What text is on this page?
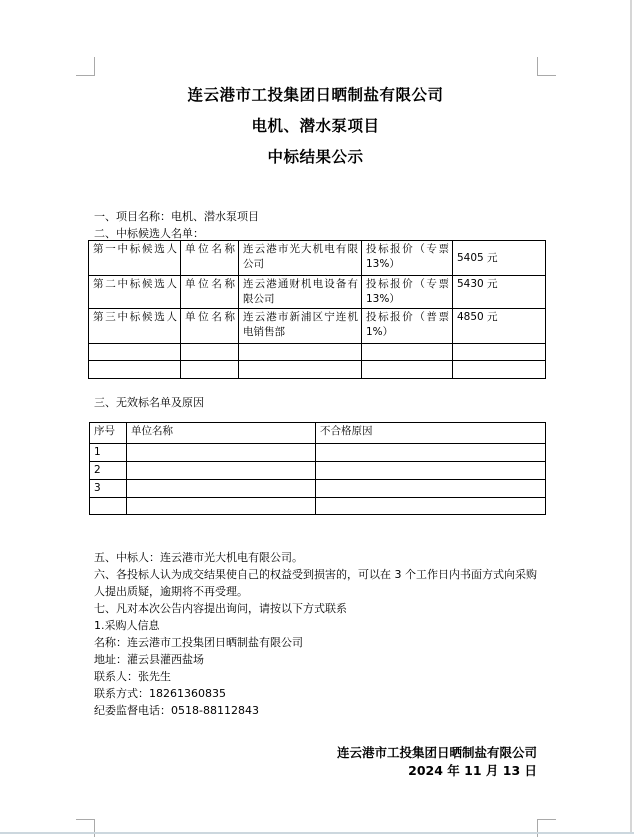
连云港市工投集团日晒制盐有限公司
电机、潜水泵项目
中标结果公示
一、项目名称：电机、潜水泵项目
二、中标候选人名单：
第一中标候选人	单位名称	连云港市光大机电有限公司	投标报价（专票13%）	5405 元
第二中标候选人	单位名称	连云港通财机电设备有限公司	投标报价（专票13%）	5430 元
第三中标候选人	单位名称	连云港市新浦区宁连机电销售部	投标报价（普票1%）	4850 元

三、无效标名单及原因
序号	单位名称	不合格原因
1		
2		
3		

五、中标人：连云港市光大机电有限公司。
六、各投标人认为成交结果使自己的权益受到损害的，可以在 3 个工作日内书面方式向采购
人提出质疑，逾期将不再受理。
七、凡对本次公告内容提出询问，请按以下方式联系
1.采购人信息
名称：连云港市工投集团日晒制盐有限公司
地址：灌云县灌西盐场
联系人：张先生
联系方式：18261360835
纪委监督电话：0518-88112843
连云港市工投集团日晒制盐有限公司
2024 年 11 月 13 日
